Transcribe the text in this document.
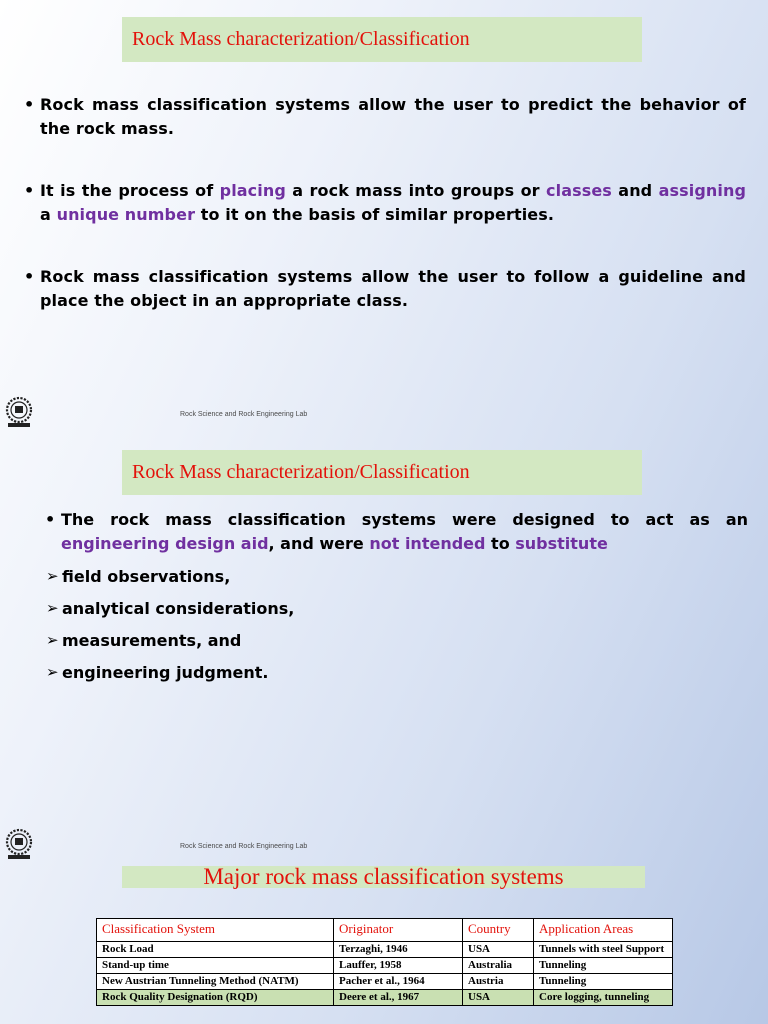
Rock Mass characterization/Classification
• Rock mass classification systems allow the user to predict the behavior of the rock mass.
• It is the process of placing a rock mass into groups or classes and assigning a unique number to it on the basis of similar properties.
• Rock mass classification systems allow the user to follow a guideline and place the object in an appropriate class.
Rock Science and Rock Engineering Lab
Rock Mass characterization/Classification
• The rock mass classification systems were designed to act as an engineering design aid, and were not intended to substitute
➢ field observations,
➢ analytical considerations,
➢ measurements, and
➢ engineering judgment.
Rock Science and Rock Engineering Lab
Major rock mass classification systems
Classification System	Originator	Country	Application Areas
Rock Load	Terzaghi, 1946	USA	Tunnels with steel Support
Stand-up time	Lauffer, 1958	Australia	Tunneling
New Austrian Tunneling Method (NATM)	Pacher et al., 1964	Austria	Tunneling
Rock Quality Designation (RQD)	Deere et al., 1967	USA	Core logging, tunneling
